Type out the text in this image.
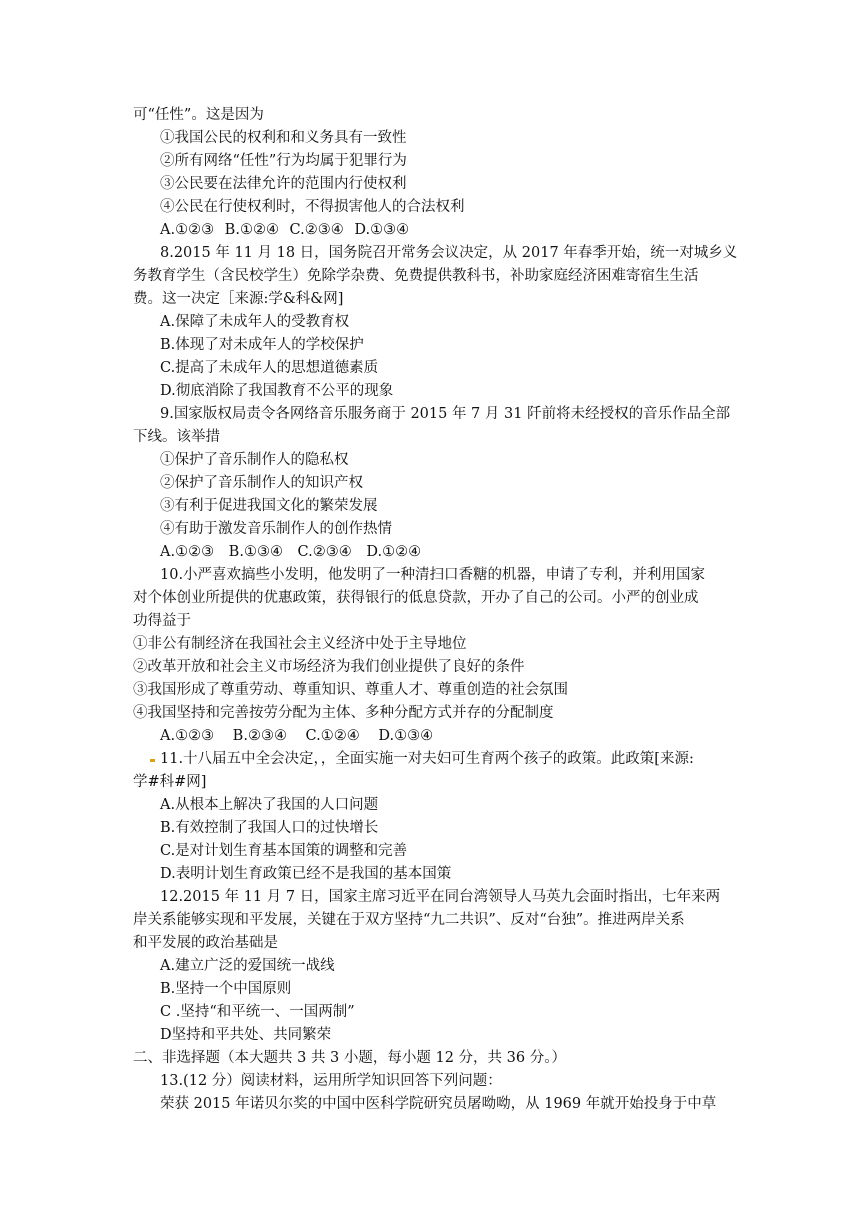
可“任性”。这是因为
①我国公民的权利和和义务具有一致性
②所有网络“任性”行为均属于犯罪行为
③公民要在法律允许的范围内行使权利
④公民在行使权利时，不得损害他人的合法权利
A.①②③ B.①②④ C.②③④ D.①③④
8.2015 年 11 月 18 日，国务院召开常务会议决定，从 2017 年春季开始，统一对城乡义
务教育学生（含民校学生）免除学杂费、免费提供教科书，补助家庭经济困难寄宿生生活
费。这一决定［来源:学&科&网]
A.保障了未成年人的受教育权
B.体现了对未成年人的学校保护
C.提高了未成年人的思想道德素质
D.彻底消除了我国教育不公平的现象
9.国家版权局责令各网络音乐服务商于 2015 年 7 月 31 阡前将未经授权的音乐作品全部
下线。该举措
①保护了音乐制作人的隐私权
②保护了音乐制作人的知识产权
③有利于促进我国文化的繁荣发展
④有助于激发音乐制作人的创作热情
A.①②③ B.①③④ C.②③④ D.①②④
10.小严喜欢搞些小发明，他发明了一种清扫口香糖的机器，申请了专利，并利用国家
对个体创业所提供的优惠政策，获得银行的低息贷款，开办了自己的公司。小严的创业成
功得益于
①非公有制经济在我国社会主义经济中处于主导地位
②改革开放和社会主义市场经济为我们创业提供了良好的条件
③我国形成了尊重劳动、尊重知识、尊重人才、尊重创造的社会氛围
④我国坚持和完善按劳分配为主体、多种分配方式并存的分配制度
A.①②③ B.②③④ C.①②④ D.①③④
11.十八届五中全会决定，，全面实施一对夫妇可生育两个孩子的政策。此政策[来源:
学#科#网]
A.从根本上解决了我国的人口问题
B.有效控制了我国人口的过快增长
C.是对计划生育基本国策的调整和完善
D.表明计划生育政策已经不是我国的基本国策
12.2015 年 11 月 7 日，国家主席习近平在同台湾领导人马英九会面时指出，七年来两
岸关系能够实现和平发展，关键在于双方坚持“九二共识”、反对“台独”。推进两岸关系
和平发展的政治基础是
A.建立广泛的爱国统一战线
B.坚持一个中国原则
C .坚持“和平统一、一国两制”
D坚持和平共处、共同繁荣
二、非选择题（本大题共 3 共 3 小题，每小题 12 分，共 36 分。）
13.(12 分）阅读材料，运用所学知识回答下列问题：
荣获 2015 年诺贝尔奖的中国中医科学院研究员屠呦呦，从 1969 年就开始投身于中草
